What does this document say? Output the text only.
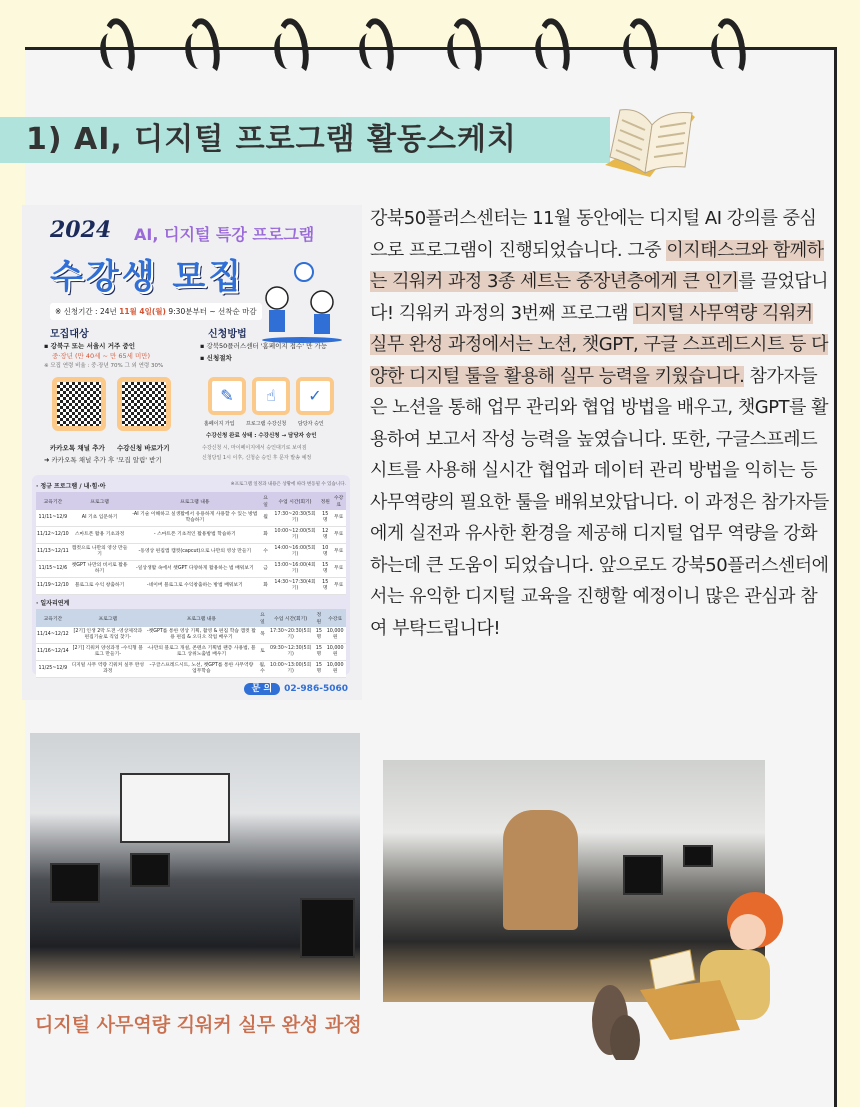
1) AI, 디지털 프로그램 활동스케치
2024 AI, 디지털 특강 프로그램
수강생 모집
※ 신청기간 : 24년 11월 4일(월) 9:30분부터 ~ 선착순 마감
모집대상
▪ 강북구 또는 서울시 거주 중인
중·장년 (만 40세 ~ 만 65세 미만)
※ 모집 연령 비율 : 중·장년 70% 그 외 연령 30%
카카오톡 채널 추가 수강신청 바로가기
➜ 카카오톡 채널 추가 후 '모집 알림' 받기
신청방법
▪ 강북50플러스센터 '홈페이지 접수' 만 가능
▪ 신청절차
✎	☝	✓
홈페이지 가입 프로그램 수강신청 담당자 승인
수강신청 완료 상태 : 수강신청 → 담당자 승인
수강신청 시, 마이페이지에서 승인대기로 보여짐
신청당일 1시 이후, 신청순 승인 후 문자 발송 예정
· 정규 프로그램 / 내·힘·아	※프로그램 일정과 내용은 상황에 따라 변동될 수 있습니다.
교육기간	프로그램	프로그램 내용	요일	수업 시간(회기)	정원	수강료
11/11~12/9	AI 기초 입문하기	-AI 기술 이해하고 실생활에서 유용하게 사용할 수 있는 방법 학습하기	월	17:30~20:30(5회기)	15명	무료
11/12~12/10	스마트폰 활용 기초과정	- 스마트폰 기초적인 활용방법 학습하기	화	10:00~12:00(5회기)	12명	무료
11/13~12/11	캡컷으로 나만의 영상 만들기	-동영상 편집앱 캡컷(capcut)으로 나만의 영상 만들기	수	14:00~16:00(5회기)	10명	무료
11/15~12/6	챗GPT 나만의 비서로 활용하기	-일상생활 속에서 챗GPT 다양하게 활용하는 법 배워보기	금	13:00~16:00(4회기)	15명	무료
11/19~12/10	블로그로 수익 창출하기	-네이버 블로그로 수익창출하는 방법 배워보기	화	14:30~17:30(4회기)	15명	무료
· 일자리연계
교육기간	프로그램	프로그램 내용	요일	수업 시간(회기)	정원	수강료
11/14~12/12	[2기] 인생 2막 도전 -영상제작과 편집기술로 직업 찾기-	-챗GPT를 통한 영상 기획, 촬영 & 편집 학습 캡컷 활용 편집 & 오디오 작업 배우기	목	17:30~20:30(5회기)	15명	10,000원
11/16~12/14	[2기] 긱워커 양성과정 -수익형 블로그 만들기-	-나만의 블로그 개설, 콘텐츠 기획법 팬층 사용법, 블로그 상위노출법 배우기	토	09:30~12:30(5회기)	15명	10,000원
11/25~12/9	디지털 사무 역량 긱워커 실무 완성 과정	-구글스프레드시트, 노션, 챗GPT를 통한 사무역량 업무학습	월,수	10:00~13:00(5회기)	15명	10,000원
문 의 02-986-5060
강북50플러스센터는 11월 동안에는 디지털 AI 강의를 중심으로 프로그램이 진행되었습니다. 그중 이지태스크와 함께하는 긱워커 과정 3종 세트는 중장년층에게 큰 인기를 끌었답니다! 긱워커 과정의 3번째 프로그램 디지털 사무역량 긱워커 실무 완성 과정에서는 노션, 챗GPT, 구글 스프레드시트 등 다양한 디지털 툴을 활용해 실무 능력을 키웠습니다. 참가자들은 노션을 통해 업무 관리와 협업 방법을 배우고, 챗GPT를 활용하여 보고서 작성 능력을 높였습니다. 또한, 구글스프레드시트를 사용해 실시간 협업과 데이터 관리 방법을 익히는 등 사무역량의 필요한 툴을 배워보았답니다. 이 과정은 참가자들에게 실전과 유사한 환경을 제공해 디지털 업무 역량을 강화하는데 큰 도움이 되었습니다. 앞으로도 강북50플러스센터에서는 유익한 디지털 교육을 진행할 예정이니 많은 관심과 참여 부탁드립니다!
디지털 사무역량 긱워커 실무 완성 과정
